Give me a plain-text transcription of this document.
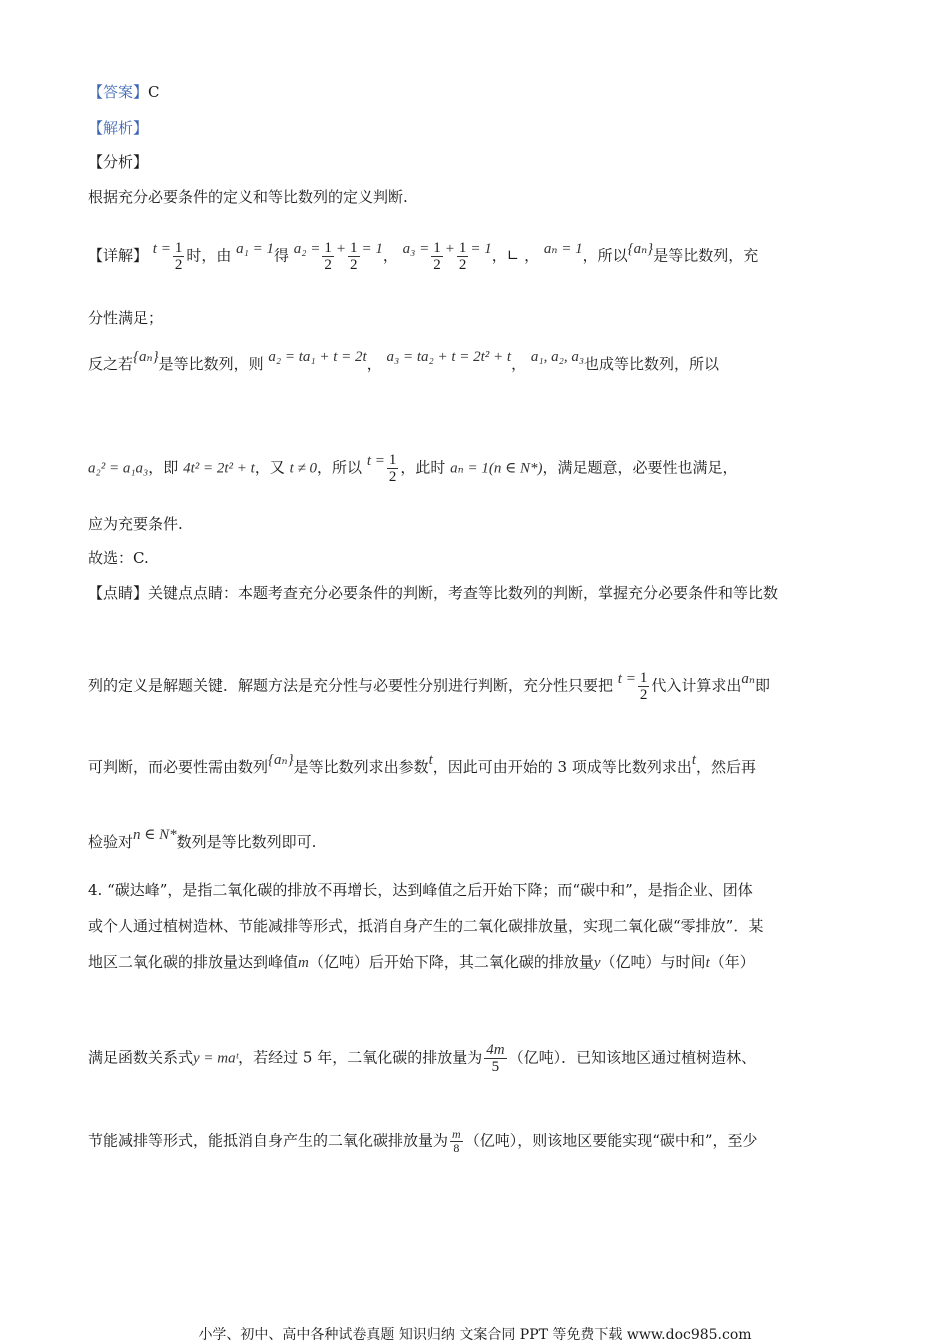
【答案】C
【解析】
【分析】
根据充分必要条件的定义和等比数列的定义判断.
【详解】 $t = \frac{1}{2}$ 时，由 a₁ = 1得 $a_2 = \frac{1}{2} + \frac{1}{2} = 1$， $a_3 = \frac{1}{2} + \frac{1}{2} = 1$，∟ ， aₙ = 1，所以{aₙ}是等比数列，充
分性满足；
反之若{aₙ}是等比数列，则 a₂ = ta₁ + t = 2t， a₃ = ta₂ + t = 2t² + t， a₁, a₂, a₃也成等比数列，所以
a₂² = a₁a₃，即 4t² = 2t² + t，又 t ≠ 0，所以 $t = \frac{1}{2}$ ，此时 aₙ = 1(n ∈ N*)，满足题意，必要性也满足，
应为充要条件.
故选：C.
【点睛】关键点点睛：本题考查充分必要条件的判断，考查等比数列的判断，掌握充分必要条件和等比数
列的定义是解题关键．解题方法是充分性与必要性分别进行判断，充分性只要把 $t = \frac{1}{2}$ 代入计算求出aₙ即
可判断，而必要性需由数列{aₙ}是等比数列求出参数t，因此可由开始的 3 项成等比数列求出t，然后再
检验对n ∈ N*数列是等比数列即可.
4. “碳达峰”，是指二氧化碳的排放不再增长，达到峰值之后开始下降；而“碳中和”，是指企业、团体
或个人通过植树造林、节能减排等形式，抵消自身产生的二氧化碳排放量，实现二氧化碳“零排放”．某
地区二氧化碳的排放量达到峰值m（亿吨）后开始下降，其二氧化碳的排放量y（亿吨）与时间t（年）
满足函数关系式y = maᵗ，若经过 5 年，二氧化碳的排放量为 $\frac{4m}{5}$ （亿吨）．已知该地区通过植树造林、
节能减排等形式，能抵消自身产生的二氧化碳排放量为 $\frac{m}{8}$ （亿吨），则该地区要能实现“碳中和”，至少
小学、初中、高中各种试卷真题 知识归纳 文案合同 PPT 等免费下载 www.doc985.com
